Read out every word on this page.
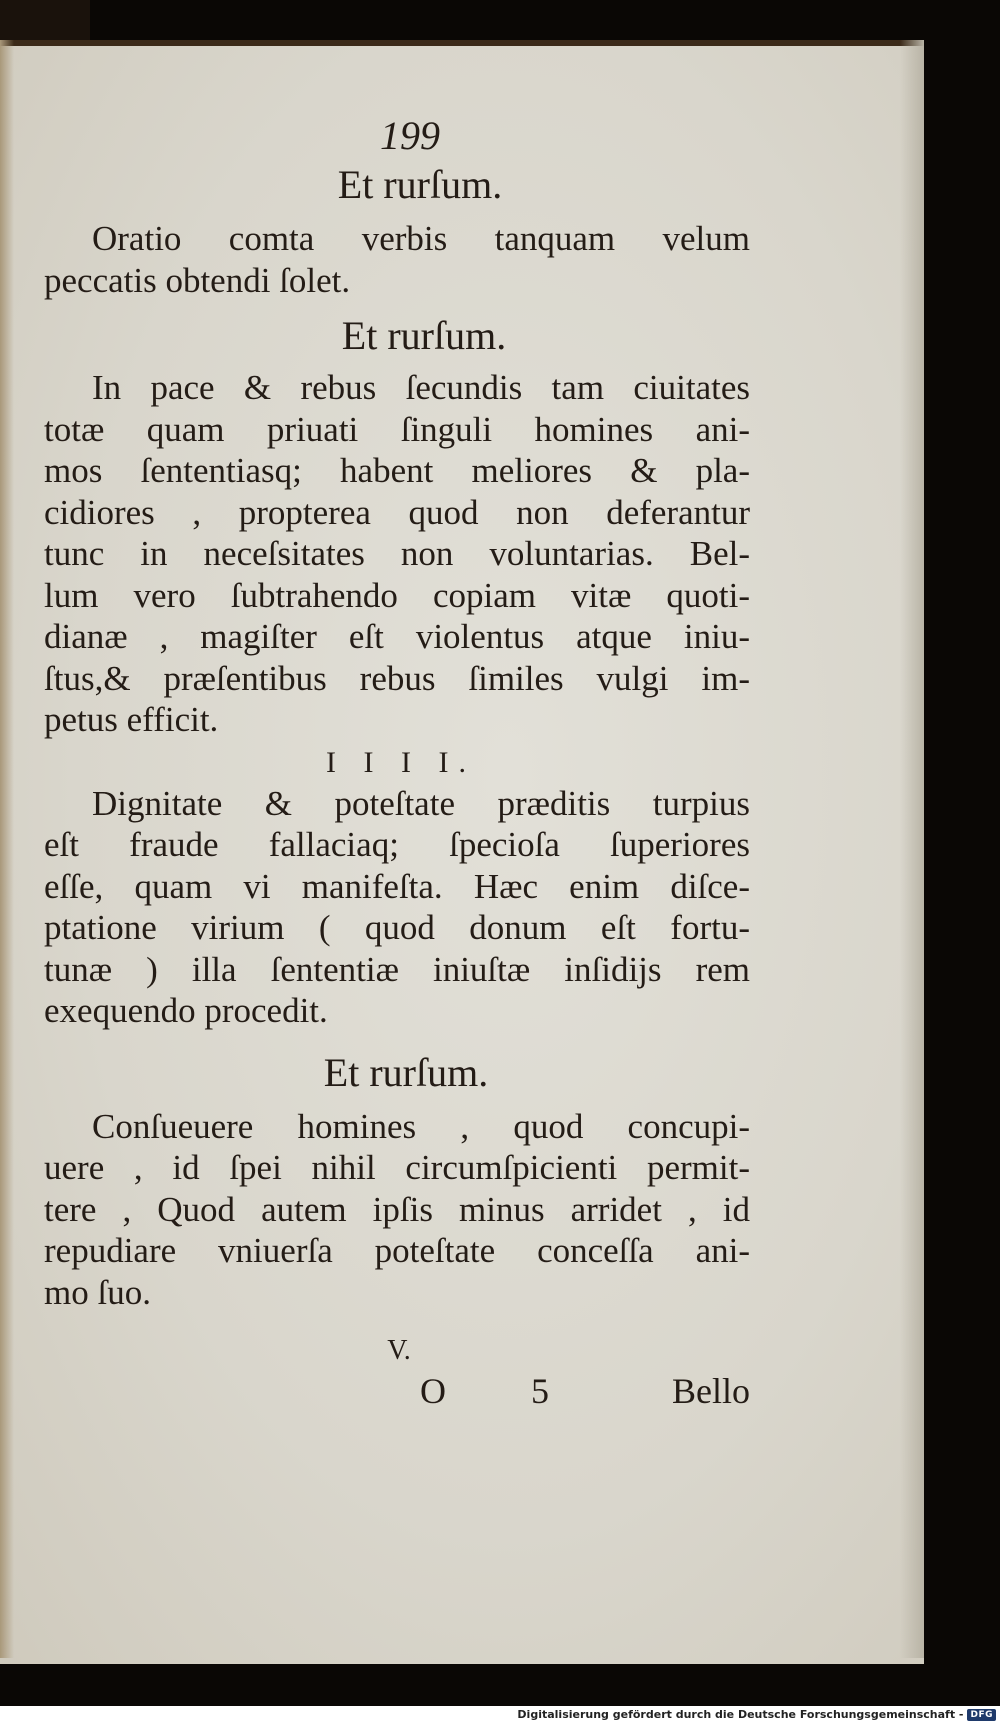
199
Et rurſum.
Oratio comta verbis tanquam velum
peccatis obtendi ſolet.
Et rurſum.
In pace & rebus ſecundis tam ciuitates
totæ quam priuati ſinguli homines ani-
mos ſententiasq; habent meliores & pla-
cidiores , propterea quod non deferantur
tunc in neceſsitates non voluntarias. Bel-
lum vero ſubtrahendo copiam vitæ quoti-
dianæ , magiſter eſt violentus atque iniu-
ſtus,& præſentibus rebus ſimiles vulgi im-
petus efficit.
I I I I.
Dignitate & poteſtate præditis turpius
eſt fraude fallaciaq; ſpecioſa ſuperiores
eſſe, quam vi manifeſta. Hæc enim diſce-
ptatione virium ( quod donum eſt fortu-
tunæ ) illa ſententiæ iniuſtæ inſidijs rem
exequendo procedit.
Et rurſum.
Conſueuere homines , quod concupi-
uere , id ſpei nihil circumſpicienti permit-
tere , Quod autem ipſis minus arridet , id
repudiare vniuerſa poteſtate conceſſa ani-
mo ſuo.
V.
O 5 Bello
Digitalisierung gefördert durch die Deutsche Forschungsgemeinschaft - DFG
